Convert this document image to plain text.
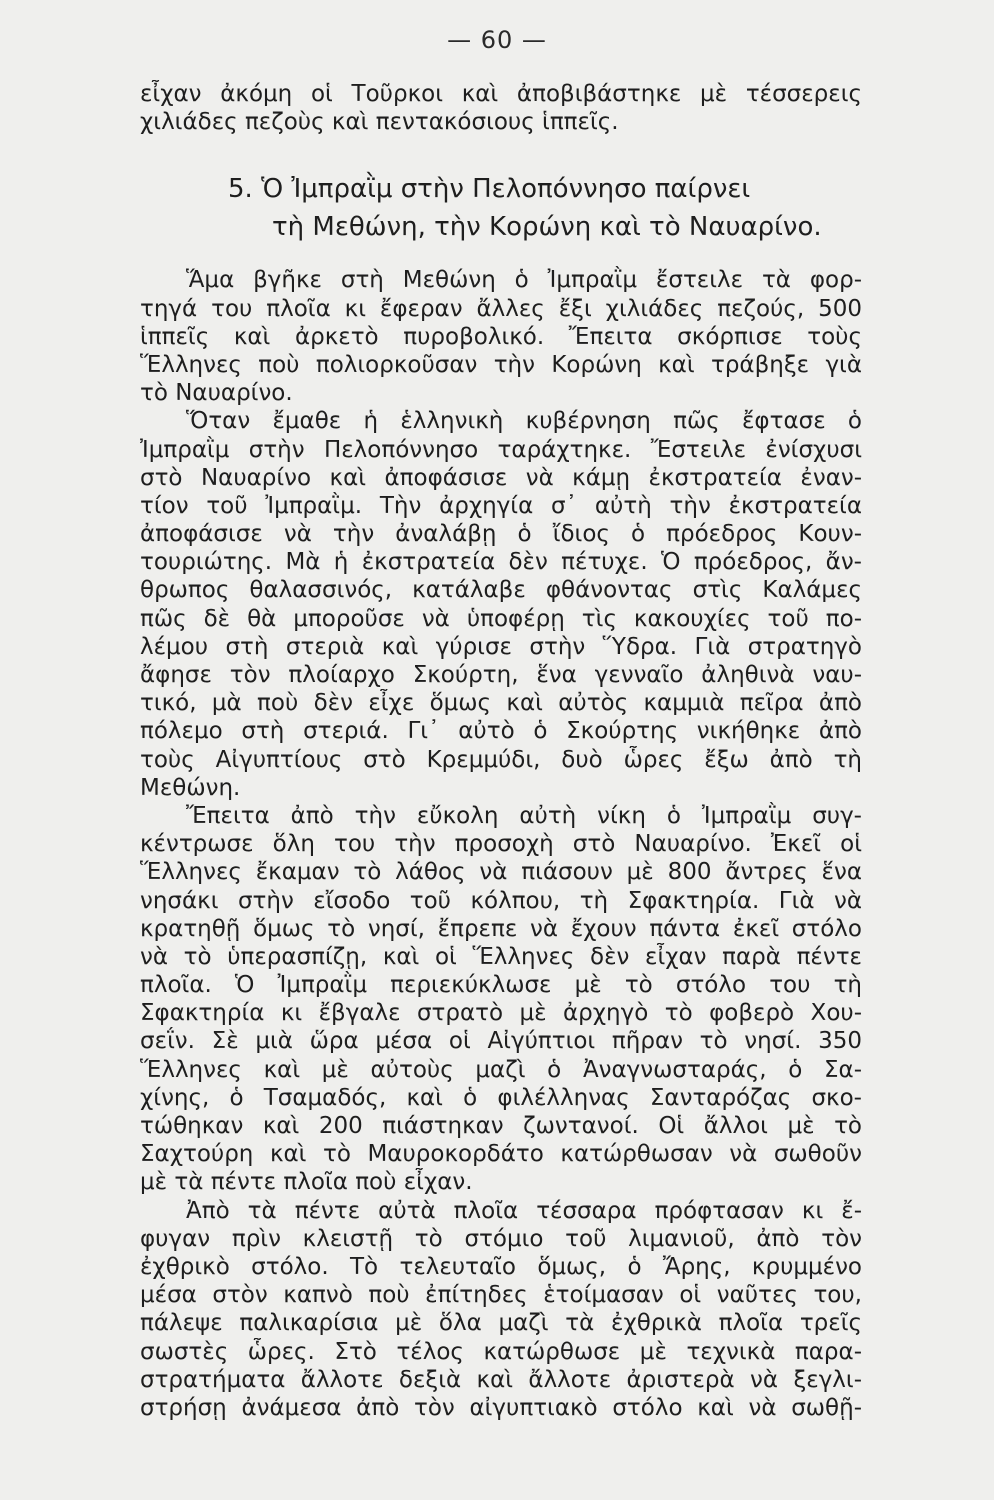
— 60 —
εἶχαν ἀκόμη οἱ Τοῦρκοι καὶ ἀποβιβάστηκε μὲ τέσσερεις
χιλιάδες πεζοὺς καὶ πεντακόσιους ἱππεῖς.
5. Ὁ Ἰμπραῒμ στὴν Πελοπόννησο παίρνει
τὴ Μεθώνη, τὴν Κορώνη καὶ τὸ Ναυαρίνο.
Ἅμα βγῆκε στὴ Μεθώνη ὁ Ἰμπραῒμ ἔστειλε τὰ φορ-
τηγά του πλοῖα κι ἔφεραν ἄλλες ἔξι χιλιάδες πεζούς, 500
ἱππεῖς καὶ ἀρκετὸ πυροβολικό. Ἔπειτα σκόρπισε τοὺς
Ἕλληνες ποὺ πολιορκοῦσαν τὴν Κορώνη καὶ τράβηξε γιὰ
τὸ Ναυαρίνο.
Ὅταν ἔμαθε ἡ ἑλληνικὴ κυβέρνηση πῶς ἔφτασε ὁ
Ἰμπραῒμ στὴν Πελοπόννησο ταράχτηκε. Ἔστειλε ἐνίσχυσι
στὸ Ναυαρίνο καὶ ἀποφάσισε νὰ κάμῃ ἐκστρατεία ἐναν-
τίον τοῦ Ἰμπραῒμ. Τὴν ἀρχηγία σ᾽ αὐτὴ τὴν ἐκστρατεία
ἀποφάσισε νὰ τὴν ἀναλάβῃ ὁ ἴδιος ὁ πρόεδρος Κουν-
τουριώτης. Μὰ ἡ ἐκστρατεία δὲν πέτυχε. Ὁ πρόεδρος, ἄν-
θρωπος θαλασσινός, κατάλαβε φθάνοντας στὶς Καλάμες
πῶς δὲ θὰ μποροῦσε νὰ ὑποφέρῃ τὶς κακουχίες τοῦ πο-
λέμου στὴ στεριὰ καὶ γύρισε στὴν Ὕδρα. Γιὰ στρατηγὸ
ἄφησε τὸν πλοίαρχο Σκούρτη, ἕνα γενναῖο ἀληθινὰ ναυ-
τικό, μὰ ποὺ δὲν εἶχε ὅμως καὶ αὐτὸς καμμιὰ πεῖρα ἀπὸ
πόλεμο στὴ στεριά. Γι᾽ αὐτὸ ὁ Σκούρτης νικήθηκε ἀπὸ
τοὺς Αἰγυπτίους στὸ Κρεμμύδι, δυὸ ὧρες ἔξω ἀπὸ τὴ
Μεθώνη.
Ἔπειτα ἀπὸ τὴν εὔκολη αὐτὴ νίκη ὁ Ἰμπραῒμ συγ-
κέντρωσε ὅλη του τὴν προσοχὴ στὸ Ναυαρίνο. Ἐκεῖ οἱ
Ἕλληνες ἔκαμαν τὸ λάθος νὰ πιάσουν μὲ 800 ἄντρες ἕνα
νησάκι στὴν εἴσοδο τοῦ κόλπου, τὴ Σφακτηρία. Γιὰ νὰ
κρατηθῇ ὅμως τὸ νησί, ἔπρεπε νὰ ἔχουν πάντα ἐκεῖ στόλο
νὰ τὸ ὑπερασπίζῃ, καὶ οἱ Ἕλληνες δὲν εἶχαν παρὰ πέντε
πλοῖα. Ὁ Ἰμπραῒμ περιεκύκλωσε μὲ τὸ στόλο του τὴ
Σφακτηρία κι ἔβγαλε στρατὸ μὲ ἀρχηγὸ τὸ φοβερὸ Χου-
σεΐν. Σὲ μιὰ ὥρα μέσα οἱ Αἰγύπτιοι πῆραν τὸ νησί. 350
Ἕλληνες καὶ μὲ αὐτοὺς μαζὶ ὁ Ἀναγνωσταράς, ὁ Σα-
χίνης, ὁ Τσαμαδός, καὶ ὁ φιλέλληνας Σανταρόζας σκο-
τώθηκαν καὶ 200 πιάστηκαν ζωντανοί. Οἱ ἄλλοι μὲ τὸ
Σαχτούρη καὶ τὸ Μαυροκορδάτο κατώρθωσαν νὰ σωθοῦν
μὲ τὰ πέντε πλοῖα ποὺ εἶχαν.
Ἀπὸ τὰ πέντε αὐτὰ πλοῖα τέσσαρα πρόφτασαν κι ἔ-
φυγαν πρὶν κλειστῇ τὸ στόμιο τοῦ λιμανιοῦ, ἀπὸ τὸν
ἐχθρικὸ στόλο. Τὸ τελευταῖο ὅμως, ὁ Ἄρης, κρυμμένο
μέσα στὸν καπνὸ ποὺ ἐπίτηδες ἑτοίμασαν οἱ ναῦτες του,
πάλεψε παλικαρίσια μὲ ὅλα μαζὶ τὰ ἐχθρικὰ πλοῖα τρεῖς
σωστὲς ὧρες. Στὸ τέλος κατώρθωσε μὲ τεχνικὰ παρα-
στρατήματα ἄλλοτε δεξιὰ καὶ ἄλλοτε ἀριστερὰ νὰ ξεγλι-
στρήσῃ ἀνάμεσα ἀπὸ τὸν αἰγυπτιακὸ στόλο καὶ νὰ σωθῇ-
